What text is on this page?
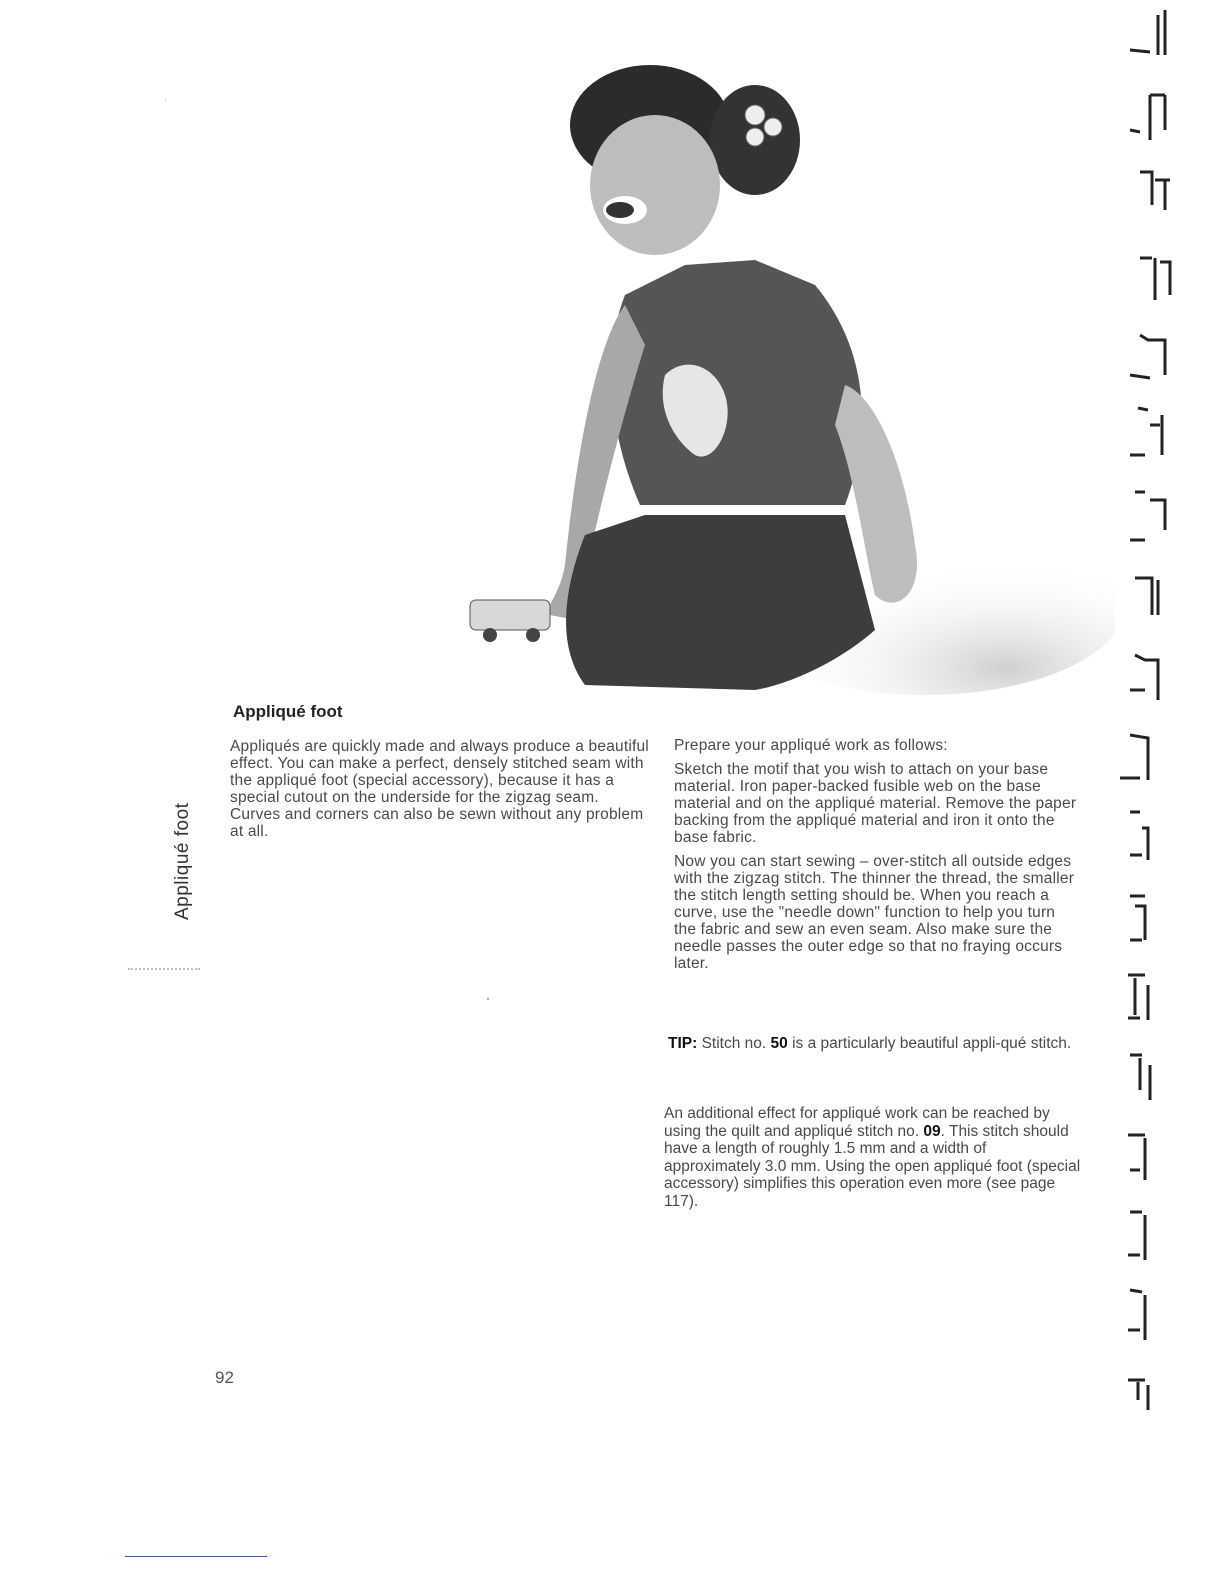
Appliqué foot
Appliqué foot

Appliqués are quickly made and always produce a beautiful effect. You can make a perfect, densely stitched seam with the appliqué foot (special accessory), because it has a special cutout on the underside for the zigzag seam. Curves and corners can also be sewn without any problem at all.

Prepare your appliqué work as follows:

Sketch the motif that you wish to attach on your base material. Iron paper-backed fusible web on the base material and on the appliqué material. Remove the paper backing from the appliqué material and iron it onto the base fabric.

Now you can start sewing – over-stitch all outside edges with the zigzag stitch. The thinner the thread, the smaller the stitch length setting should be. When you reach a curve, use the "needle down" function to help you turn the fabric and sew an even seam. Also make sure the needle passes the outer edge so that no fraying occurs later.

TIP: Stitch no. 50 is a particularly beautiful appli-qué stitch.
An additional effect for appliqué work can be reached by using the quilt and appliqué stitch no. 09. This stitch should have a length of roughly 1.5 mm and a width of approximately 3.0 mm. Using the open appliqué foot (special accessory) simplifies this operation even more (see page 117).
92
